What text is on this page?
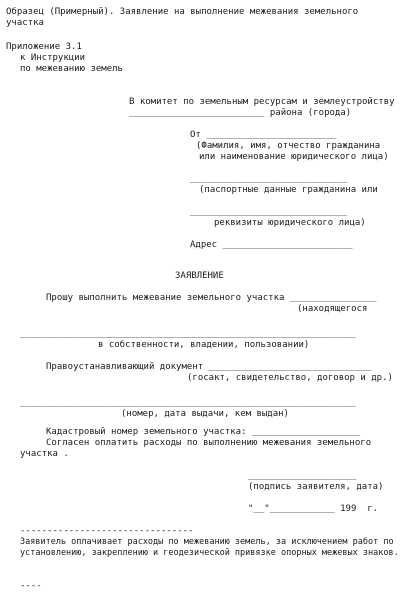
Образец (Примерный). Заявление на выполнение межевания земельного
участка
Приложение 3.1
к Инструкции
по межеванию земель
В комитет по земельным ресурсам и землеустройству
_________________________ района (города)
От ________________________
(Фамилия, имя, отчество гражданина
или наименование юридического лица)
_____________________________
(паспортные данные гражданина или
_____________________________
реквизиты юридического лица)
Адрес ________________________
ЗАЯВЛЕНИЕ
Прошу выполнить межевание земельного участка ________________
(находящегося
______________________________________________________________
в собственности, владении, пользовании)
Правоустанавливающий документ ______________________________
(госакт, свидетельство, договор и др.)
______________________________________________________________
(номер, дата выдачи, кем выдан)
Кадастровый номер земельного участка: ____________________
Согласен оплатить расходы по выполнению межевания земельного
участка .
____________________
(подпись заявителя, дата)
"__"____________ 199  г.
--------------------------------
Заявитель оплачивает расходы по межеванию земель, за исключением работ по
установлению, закреплению и геодезической привязке опорных межевых знаков.
----
